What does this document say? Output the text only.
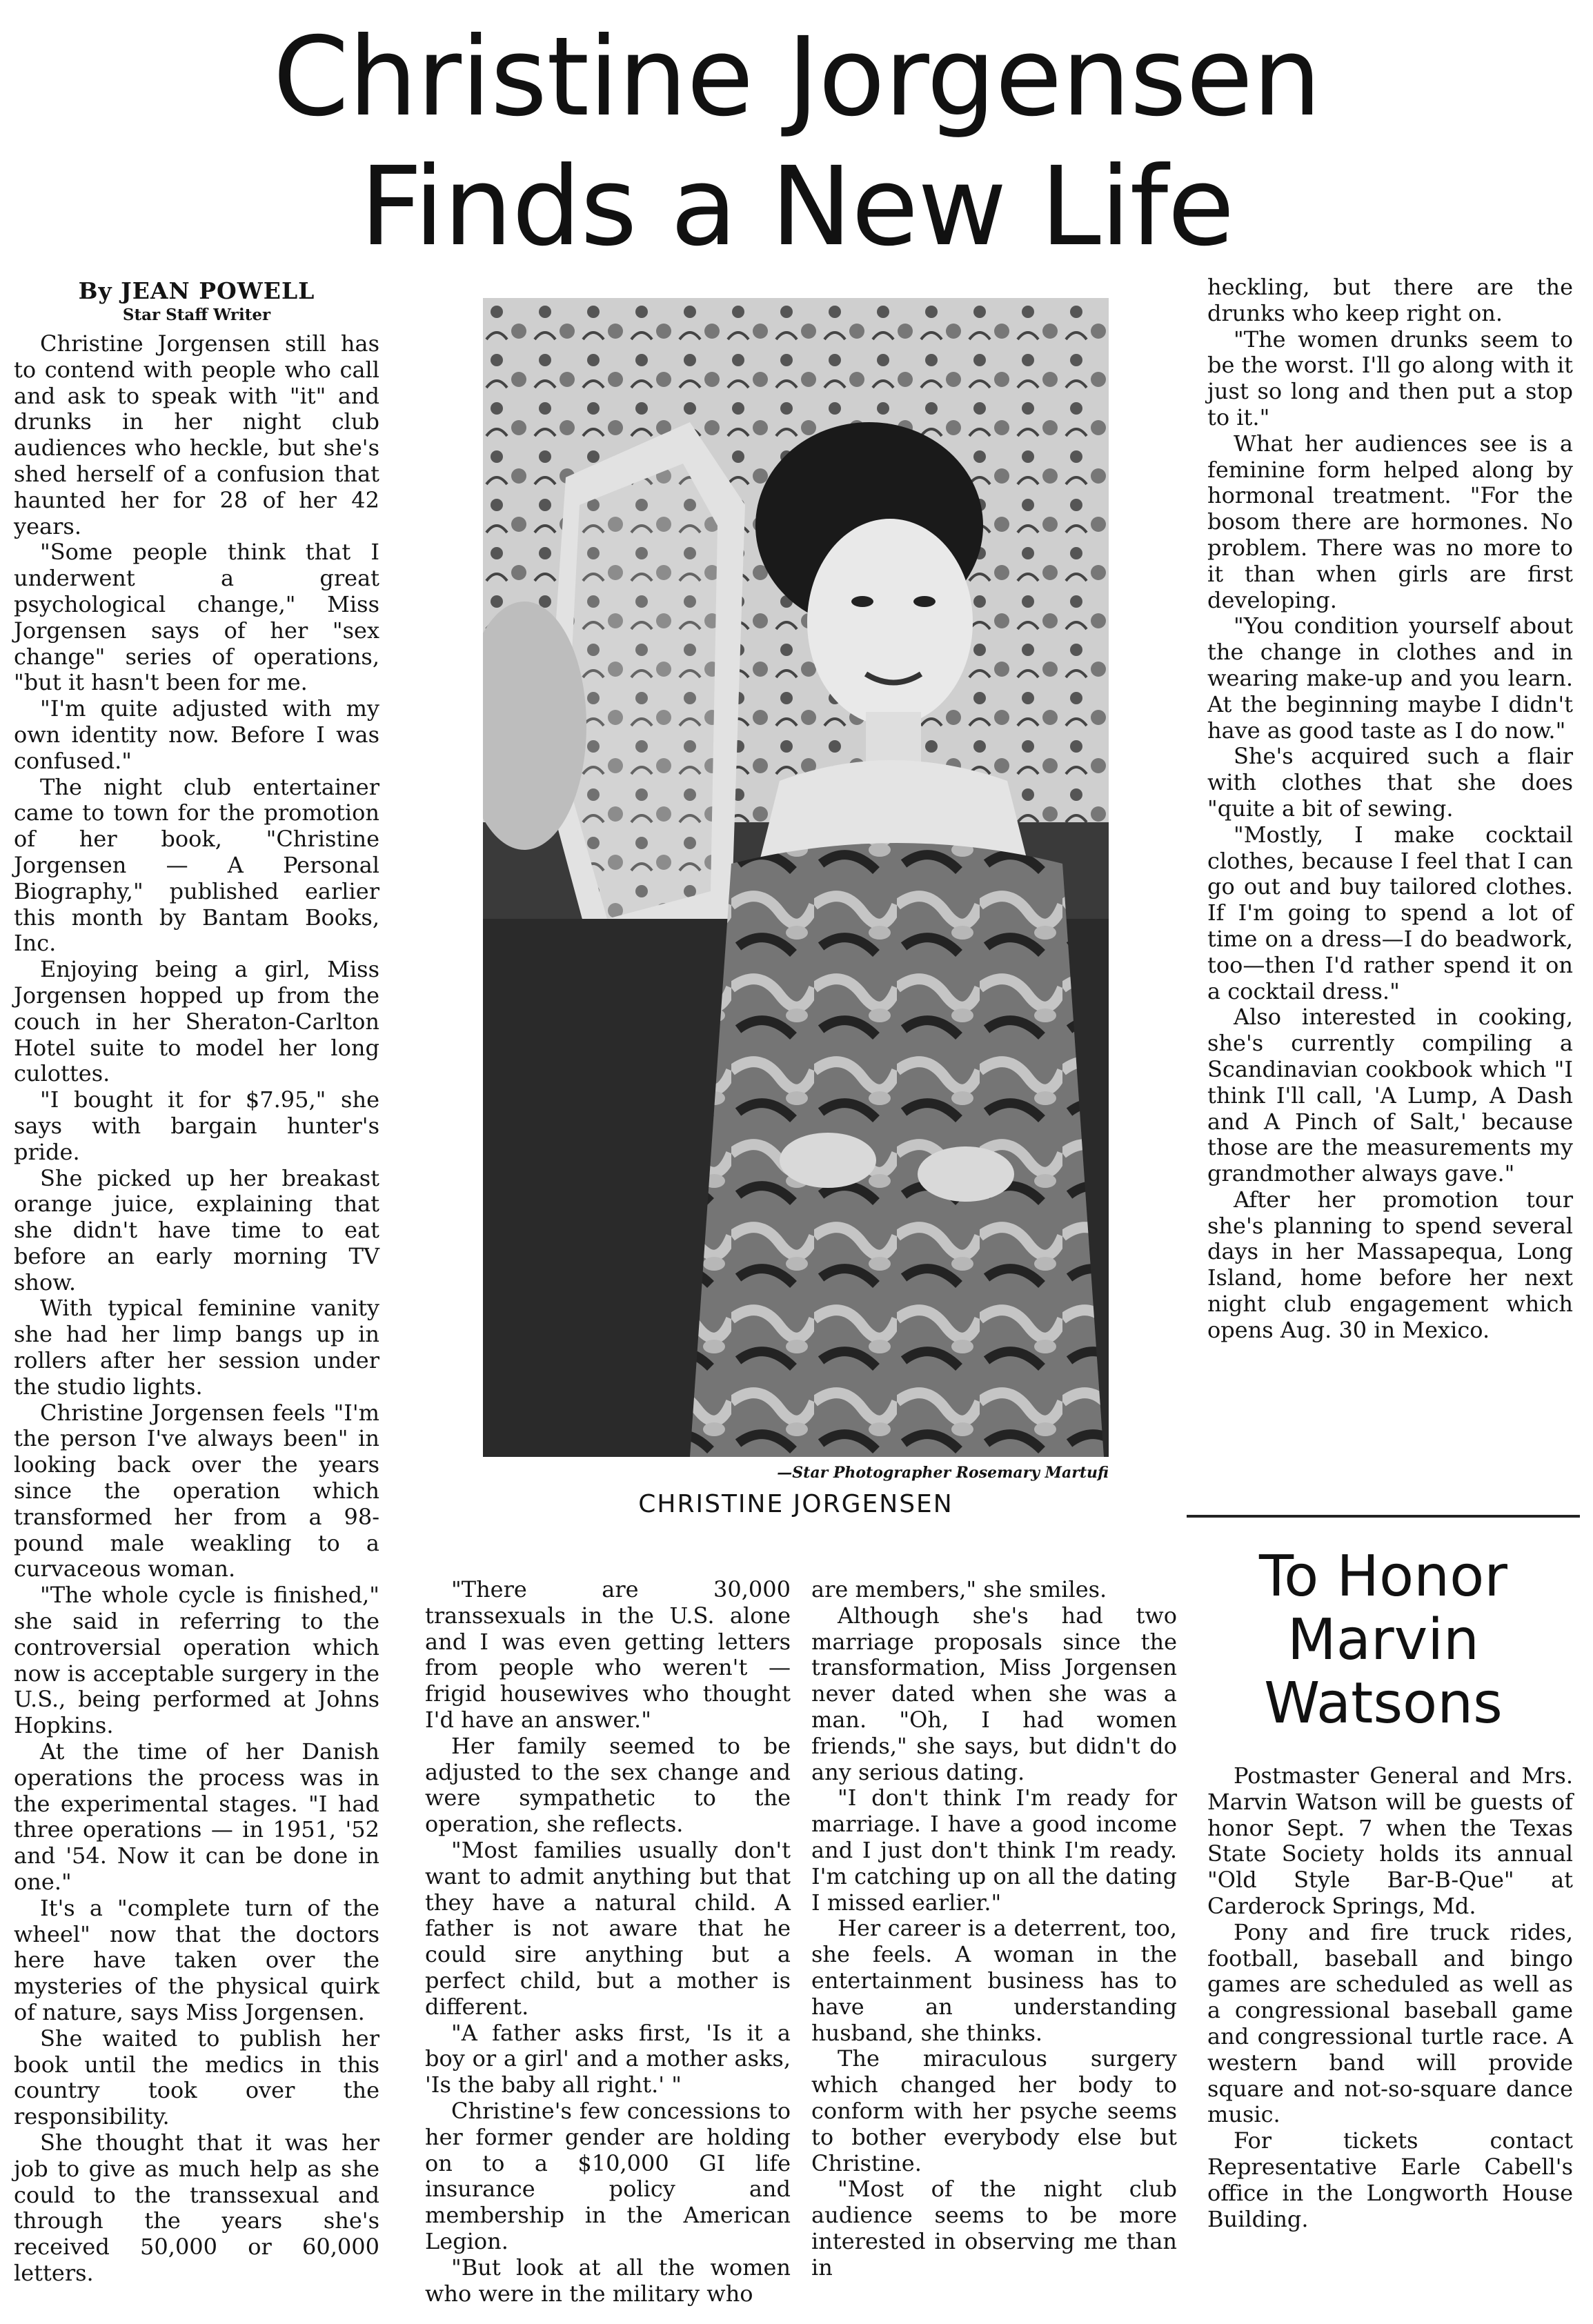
Christine Jorgensen
Finds a New Life

By JEAN POWELL

Star Staff Writer

Christine Jorgensen still has to contend with people who call and ask to speak with "it" and drunks in her night club audiences who heckle, but she's shed herself of a confusion that haunted her for 28 of her 42 years.

"Some people think that I underwent a great psychological change," Miss Jorgensen says of her "sex change" series of operations, "but it hasn't been for me.

"I'm quite adjusted with my own identity now. Before I was confused."

The night club entertainer came to town for the promotion of her book, "Christine Jorgensen — A Personal Biography," published earlier this month by Bantam Books, Inc.

Enjoying being a girl, Miss Jorgensen hopped up from the couch in her Sheraton-Carlton Hotel suite to model her long culottes.

"I bought it for $7.95," she says with bargain hunter's pride.

She picked up her breakast orange juice, explaining that she didn't have time to eat before an early morning TV show.

With typical feminine vanity she had her limp bangs up in rollers after her session under the studio lights.

Christine Jorgensen feels "I'm the person I've always been" in looking back over the years since the operation which transformed her from a 98-pound male weakling to a curvaceous woman.

"The whole cycle is finished," she said in referring to the controversial operation which now is acceptable surgery in the U.S., being performed at Johns Hopkins.

At the time of her Danish operations the process was in the experimental stages. "I had three operations — in 1951, '52 and '54. Now it can be done in one."

It's a "complete turn of the wheel" now that the doctors here have taken over the mysteries of the physical quirk of nature, says Miss Jorgensen.

She waited to publish her book until the medics in this country took over the responsibility.

She thought that it was her job to give as much help as she could to the transsexual and through the years she's received 50,000 or 60,000 letters.

—Star Photographer Rosemary Martufi
CHRISTINE JORGENSEN

"There are 30,000 transsexuals in the U.S. alone and I was even getting letters from people who weren't — frigid housewives who thought I'd have an answer."

Her family seemed to be adjusted to the sex change and were sympathetic to the operation, she reflects.

"Most families usually don't want to admit anything but that they have a natural child. A father is not aware that he could sire anything but a perfect child, but a mother is different.

"A father asks first, 'Is it a boy or a girl' and a mother asks, 'Is the baby all right.' "

Christine's few concessions to her former gender are holding on to a $10,000 GI life insurance policy and membership in the American Legion.

"But look at all the women who were in the military who

are members," she smiles.

Although she's had two marriage proposals since the transformation, Miss Jorgensen never dated when she was a man. "Oh, I had women friends," she says, but didn't do any serious dating.

"I don't think I'm ready for marriage. I have a good income and I just don't think I'm ready. I'm catching up on all the dating I missed earlier."

Her career is a deterrent, too, she feels. A woman in the entertainment business has to have an understanding husband, she thinks.

The miraculous surgery which changed her body to conform with her psyche seems to bother everybody else but Christine.

"Most of the night club audience seems to be more interested in observing me than in

heckling, but there are the drunks who keep right on.

"The women drunks seem to be the worst. I'll go along with it just so long and then put a stop to it."

What her audiences see is a feminine form helped along by hormonal treatment. "For the bosom there are hormones. No problem. There was no more to it than when girls are first developing.

"You condition yourself about the change in clothes and in wearing make-up and you learn. At the beginning maybe I didn't have as good taste as I do now."

She's acquired such a flair with clothes that she does "quite a bit of sewing.

"Mostly, I make cocktail clothes, because I feel that I can go out and buy tailored clothes. If I'm going to spend a lot of time on a dress—I do beadwork, too—then I'd rather spend it on a cocktail dress."

Also interested in cooking, she's currently compiling a Scandinavian cookbook which "I think I'll call, 'A Lump, A Dash and A Pinch of Salt,' because those are the measurements my grandmother always gave."

After her promotion tour she's planning to spend several days in her Massapequa, Long Island, home before her next night club engagement which opens Aug. 30 in Mexico.

To Honor
Marvin
Watsons

Postmaster General and Mrs. Marvin Watson will be guests of honor Sept. 7 when the Texas State Society holds its annual "Old Style Bar-B-Que" at Carderock Springs, Md.

Pony and fire truck rides, football, baseball and bingo games are scheduled as well as a congressional baseball game and congressional turtle race. A western band will provide square and not-so-square dance music.

For tickets contact Representative Earle Cabell's office in the Longworth House Building.
